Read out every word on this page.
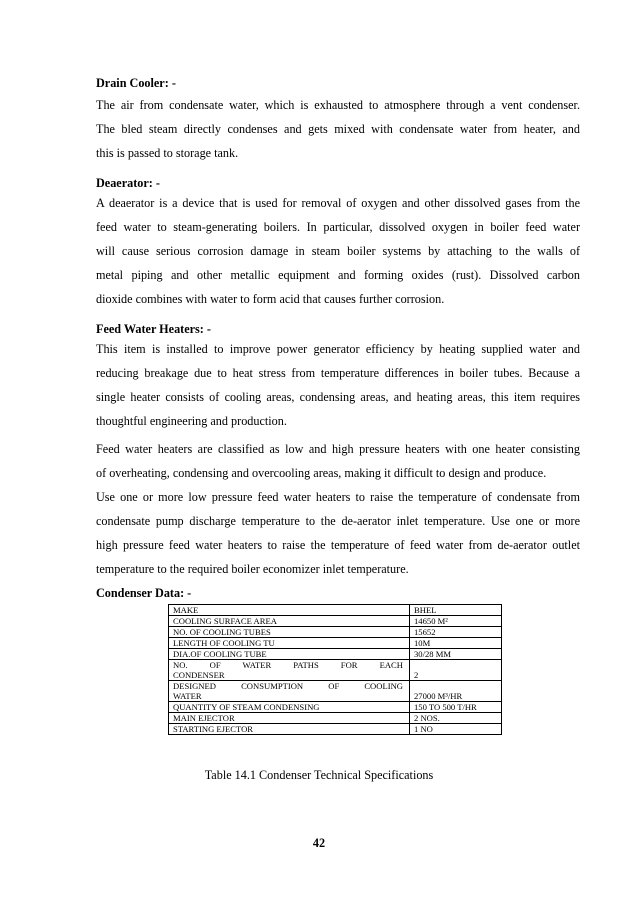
Drain Cooler: -
The air from condensate water, which is exhausted to atmosphere through a vent condenser.
The bled steam directly condenses and gets mixed with condensate water from heater, and
this is passed to storage tank.
Deaerator: -
A deaerator is a device that is used for removal of oxygen and other dissolved gases from the
feed water to steam-generating boilers. In particular, dissolved oxygen in boiler feed water
will cause serious corrosion damage in steam boiler systems by attaching to the walls of
metal piping and other metallic equipment and forming oxides (rust). Dissolved carbon
dioxide combines with water to form acid that causes further corrosion.
Feed Water Heaters: -
This item is installed to improve power generator efficiency by heating supplied water and
reducing breakage due to heat stress from temperature differences in boiler tubes. Because a
single heater consists of cooling areas, condensing areas, and heating areas, this item requires
thoughtful engineering and production.
Feed water heaters are classified as low and high pressure heaters with one heater consisting
of overheating, condensing and overcooling areas, making it difficult to design and produce.
Use one or more low pressure feed water heaters to raise the temperature of condensate from
condensate pump discharge temperature to the de-aerator inlet temperature. Use one or more
high pressure feed water heaters to raise the temperature of feed water from de-aerator outlet
temperature to the required boiler economizer inlet temperature.
Condenser Data: -
MAKE	BHEL
COOLING SURFACE AREA	14650 M²
NO. OF COOLING TUBES	15652
LENGTH OF COOLING TU	10M
DIA.OF COOLING TUBE	30/28 MM

NO. OF WATER PATHS FOR EACH
CONDENSER	2

DESIGNED CONSUMPTION OF COOLING
WATER	27000 M³/HR
QUANTITY OF STEAM CONDENSING	150 TO 500 T/HR
MAIN EJECTOR	2 NOS.
STARTING EJECTOR	1 NO
Table 14.1 Condenser Technical Specifications
42
